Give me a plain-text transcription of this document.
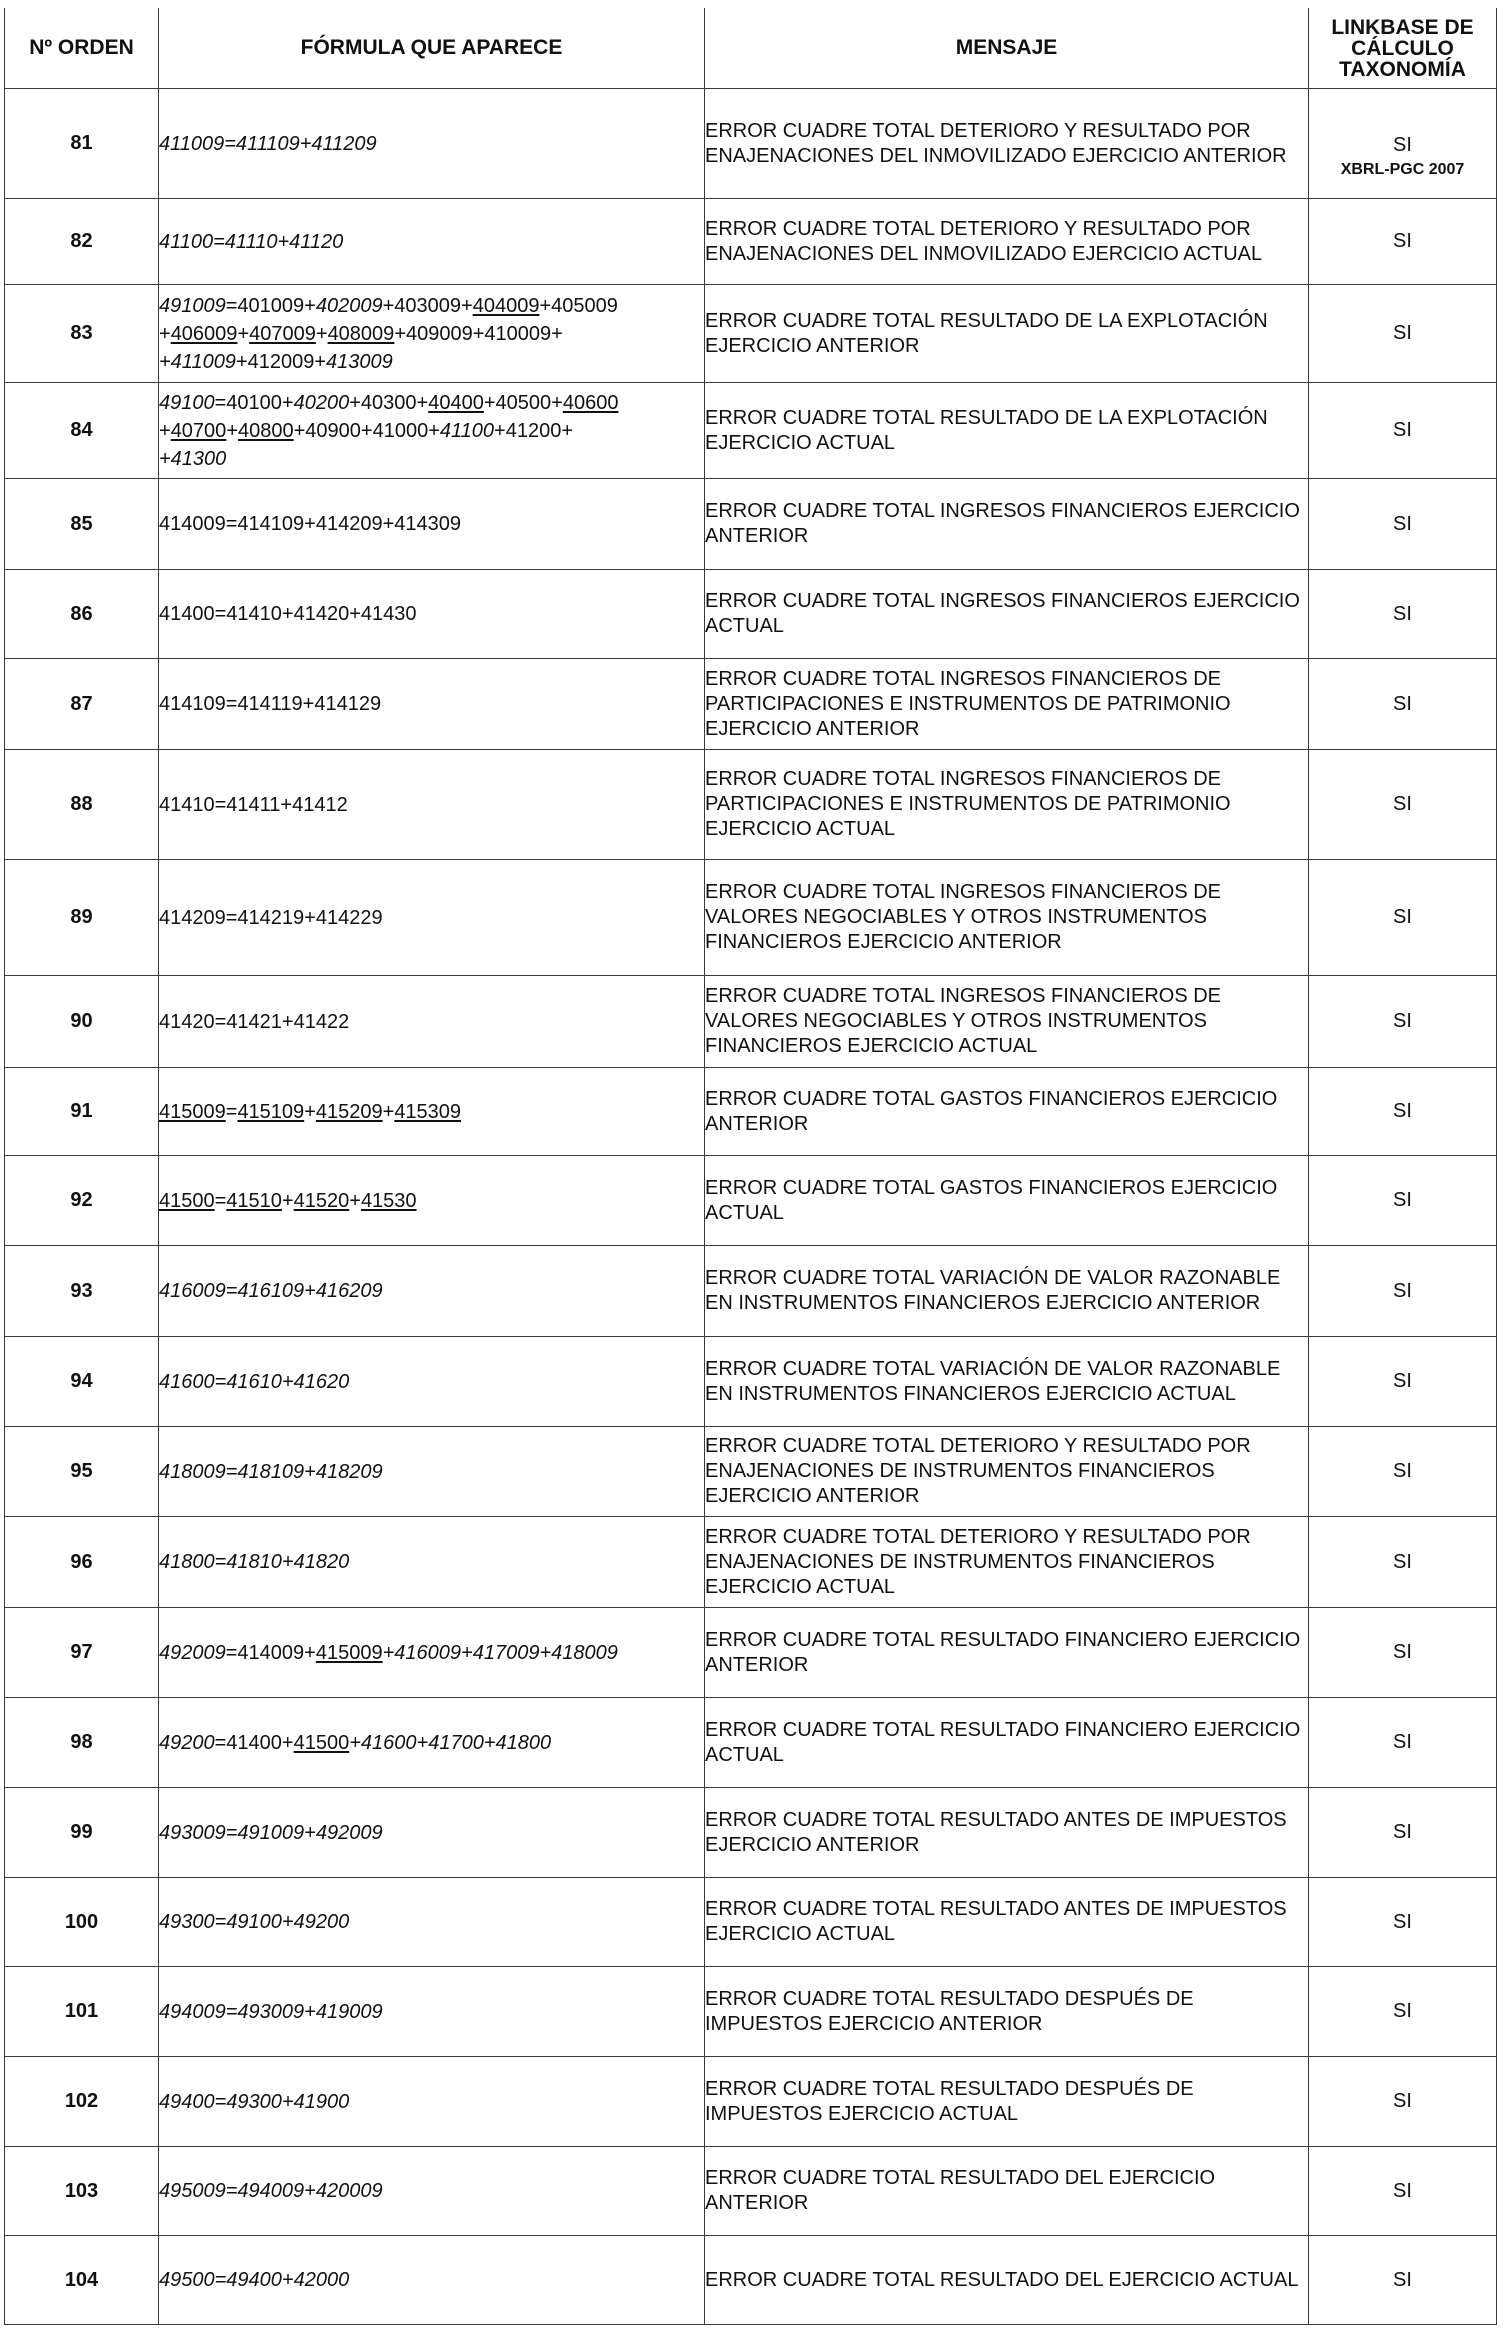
Nº ORDEN	FÓRMULA QUE APARECE	MENSAJE	LINKBASE DE
CÁLCULO
TAXONOMÍA

81	411009=411109+411209	ERROR CUADRE TOTAL DETERIORO Y RESULTADO POR ENAJENACIONES DEL INMOVILIZADO EJERCICIO ANTERIOR	SI
XBRL-PGC 2007

82	41100=41110+41120	ERROR CUADRE TOTAL DETERIORO Y RESULTADO POR ENAJENACIONES DEL INMOVILIZADO EJERCICIO ACTUAL	SI
83	491009=401009+402009+403009+404009+405009
+406009+407009+408009+409009+410009+
+411009+412009+413009	ERROR CUADRE TOTAL RESULTADO DE LA EXPLOTACIÓN EJERCICIO ANTERIOR	SI
84	49100=40100+40200+40300+40400+40500+40600
+40700+40800+40900+41000+41100+41200+
+41300	ERROR CUADRE TOTAL RESULTADO DE LA EXPLOTACIÓN EJERCICIO ACTUAL	SI
85	414009=414109+414209+414309	ERROR CUADRE TOTAL INGRESOS FINANCIEROS EJERCICIO ANTERIOR	SI
86	41400=41410+41420+41430	ERROR CUADRE TOTAL INGRESOS FINANCIEROS EJERCICIO ACTUAL	SI
87	414109=414119+414129	ERROR CUADRE TOTAL INGRESOS FINANCIEROS DE PARTICIPACIONES E INSTRUMENTOS DE PATRIMONIO EJERCICIO ANTERIOR	SI
88	41410=41411+41412	ERROR CUADRE TOTAL INGRESOS FINANCIEROS DE PARTICIPACIONES E INSTRUMENTOS DE PATRIMONIO EJERCICIO ACTUAL	SI
89	414209=414219+414229	ERROR CUADRE TOTAL INGRESOS FINANCIEROS DE VALORES NEGOCIABLES Y OTROS INSTRUMENTOS FINANCIEROS EJERCICIO ANTERIOR	SI
90	41420=41421+41422	ERROR CUADRE TOTAL INGRESOS FINANCIEROS DE VALORES NEGOCIABLES Y OTROS INSTRUMENTOS FINANCIEROS EJERCICIO ACTUAL	SI
91	415009=415109+415209+415309	ERROR CUADRE TOTAL GASTOS FINANCIEROS EJERCICIO ANTERIOR	SI
92	41500=41510+41520+41530	ERROR CUADRE TOTAL GASTOS FINANCIEROS EJERCICIO ACTUAL	SI
93	416009=416109+416209	ERROR CUADRE TOTAL VARIACIÓN DE VALOR RAZONABLE EN INSTRUMENTOS FINANCIEROS EJERCICIO ANTERIOR	SI
94	41600=41610+41620	ERROR CUADRE TOTAL VARIACIÓN DE VALOR RAZONABLE EN INSTRUMENTOS FINANCIEROS EJERCICIO ACTUAL	SI
95	418009=418109+418209	ERROR CUADRE TOTAL DETERIORO Y RESULTADO POR ENAJENACIONES DE INSTRUMENTOS FINANCIEROS EJERCICIO ANTERIOR	SI
96	41800=41810+41820	ERROR CUADRE TOTAL DETERIORO Y RESULTADO POR ENAJENACIONES DE INSTRUMENTOS FINANCIEROS EJERCICIO ACTUAL	SI
97	492009=414009+415009+416009+417009+418009	ERROR CUADRE TOTAL RESULTADO FINANCIERO EJERCICIO ANTERIOR	SI
98	49200=41400+41500+41600+41700+41800	ERROR CUADRE TOTAL RESULTADO FINANCIERO EJERCICIO ACTUAL	SI
99	493009=491009+492009	ERROR CUADRE TOTAL RESULTADO ANTES DE IMPUESTOS EJERCICIO ANTERIOR	SI
100	49300=49100+49200	ERROR CUADRE TOTAL RESULTADO ANTES DE IMPUESTOS EJERCICIO ACTUAL	SI
101	494009=493009+419009	ERROR CUADRE TOTAL RESULTADO DESPUÉS DE IMPUESTOS EJERCICIO ANTERIOR	SI
102	49400=49300+41900	ERROR CUADRE TOTAL RESULTADO DESPUÉS DE IMPUESTOS EJERCICIO ACTUAL	SI
103	495009=494009+420009	ERROR CUADRE TOTAL RESULTADO DEL EJERCICIO ANTERIOR	SI
104	49500=49400+42000	ERROR CUADRE TOTAL RESULTADO DEL EJERCICIO ACTUAL	SI
